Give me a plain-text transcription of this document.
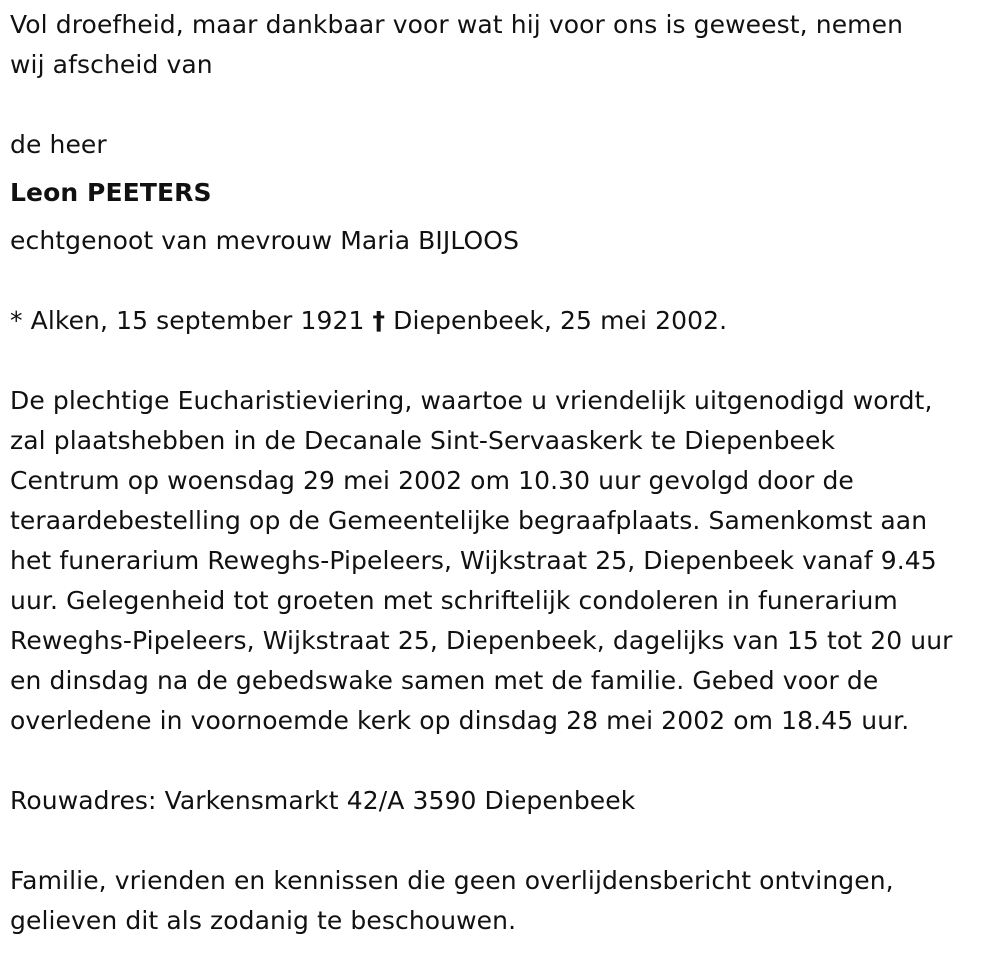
Vol droefheid, maar dankbaar voor wat hij voor ons is geweest, nemen
wij afscheid van
de heer
Leon PEETERS
echtgenoot van mevrouw Maria BIJLOOS
* Alken, 15 september 1921 † Diepenbeek, 25 mei 2002.
De plechtige Eucharistieviering, waartoe u vriendelijk uitgenodigd wordt,
zal plaatshebben in de Decanale Sint-Servaaskerk te Diepenbeek
Centrum op woensdag 29 mei 2002 om 10.30 uur gevolgd door de
teraardebestelling op de Gemeentelijke begraafplaats. Samenkomst aan
het funerarium Reweghs-Pipeleers, Wijkstraat 25, Diepenbeek vanaf 9.45
uur. Gelegenheid tot groeten met schriftelijk condoleren in funerarium
Reweghs-Pipeleers, Wijkstraat 25, Diepenbeek, dagelijks van 15 tot 20 uur
en dinsdag na de gebedswake samen met de familie. Gebed voor de
overledene in voornoemde kerk op dinsdag 28 mei 2002 om 18.45 uur.
Rouwadres: Varkensmarkt 42/A 3590 Diepenbeek
Familie, vrienden en kennissen die geen overlijdensbericht ontvingen,
gelieven dit als zodanig te beschouwen.
